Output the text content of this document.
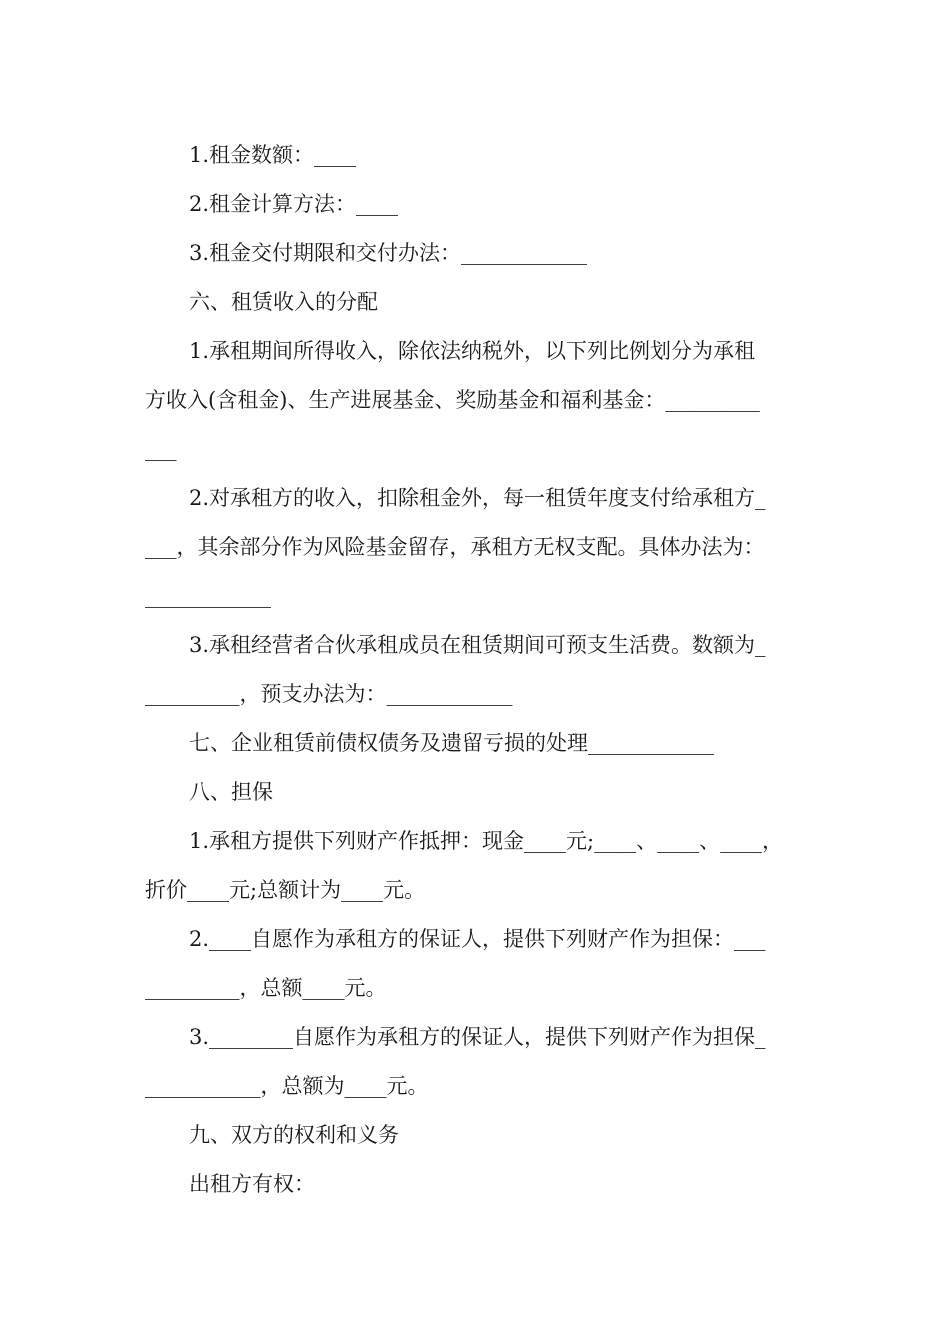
1.租金数额：____
2.租金计算方法：____
3.租金交付期限和交付办法：____________
六、租赁收入的分配
1.承租期间所得收入，除依法纳税外，以下列比例划分为承租
方收入(含租金)、生产进展基金、奖励基金和福利基金：_________
___
2.对承租方的收入，扣除租金外，每一租赁年度支付给承租方_
___，其余部分作为风险基金留存，承租方无权支配。具体办法为：
____________
3.承租经营者合伙承租成员在租赁期间可预支生活费。数额为_
_________，预支办法为：____________
七、企业租赁前债权债务及遗留亏损的处理____________
八、担保
1.承租方提供下列财产作抵押：现金____元;____、____、____，
折价____元;总额计为____元。
2.____自愿作为承租方的保证人，提供下列财产作为担保：___
_________，总额____元。
3.________自愿作为承租方的保证人，提供下列财产作为担保_
___________，总额为____元。
九、双方的权利和义务
出租方有权：
